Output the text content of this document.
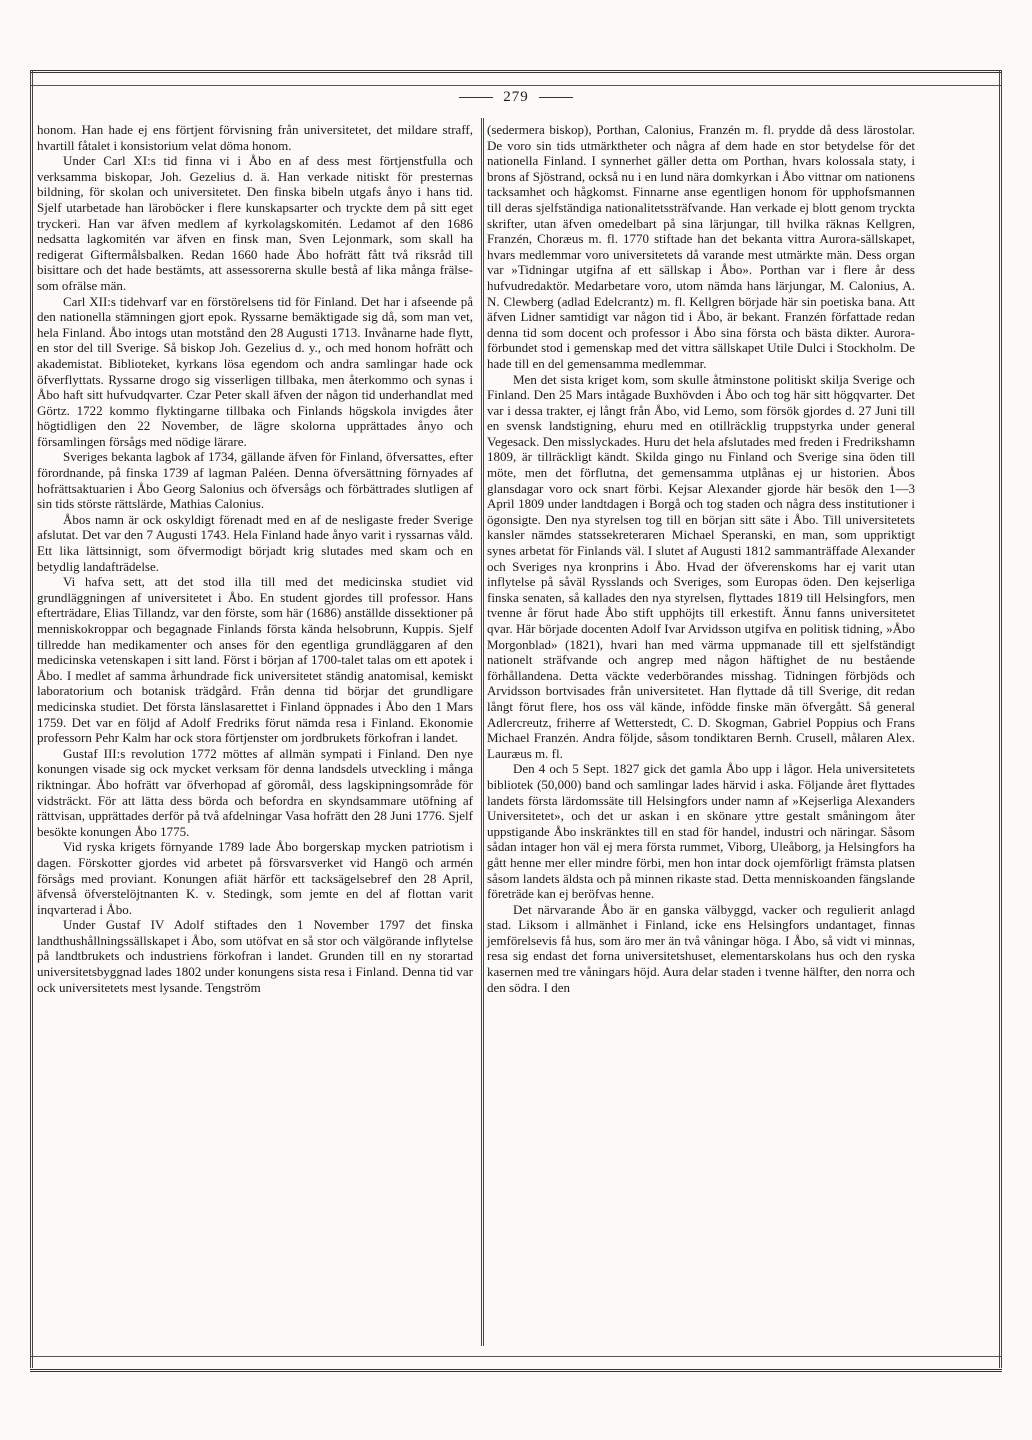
279

honom. Han hade ej ens förtjent förvisning från universitetet, det mildare straff, hvartill fåtalet i konsistorium velat döma honom.

Under Carl XI:s tid finna vi i Åbo en af dess mest förtjenstfulla och verksamma biskopar, Joh. Gezelius d. ä. Han verkade nitiskt för presternas bildning, för skolan och universitetet. Den finska bibeln utgafs ånyo i hans tid. Sjelf utarbetade han läroböcker i flere kunskapsarter och tryckte dem på sitt eget tryckeri. Han var äfven medlem af kyrkolagskomitén. Ledamot af den 1686 nedsatta lagkomitén var äfven en finsk man, Sven Lejonmark, som skall ha redigerat Giftermålsbalken. Redan 1660 hade Åbo hofrätt fått två riksråd till bisittare och det hade bestämts, att assessorerna skulle bestå af lika många frälse- som ofrälse män.

Carl XII:s tidehvarf var en förstörelsens tid för Finland. Det har i afseende på den nationella stämningen gjort epok. Ryssarne bemäktigade sig då, som man vet, hela Finland. Åbo intogs utan motstånd den 28 Augusti 1713. Invånarne hade flytt, en stor del till Sverige. Så biskop Joh. Gezelius d. y., och med honom hofrätt och akademistat. Biblioteket, kyrkans lösa egendom och andra samlingar hade ock öfverflyttats. Ryssarne drogo sig visserligen tillbaka, men återkommo och synas i Åbo haft sitt hufvudqvarter. Czar Peter skall äfven der någon tid underhandlat med Görtz. 1722 kommo flyktingarne tillbaka och Finlands högskola invigdes åter högtidligen den 22 November, de lägre skolorna upprättades ånyo och församlingen försågs med nödige lärare.

Sveriges bekanta lagbok af 1734, gällande äfven för Finland, öfversattes, efter förordnande, på finska 1739 af lagman Paléen. Denna öfversättning förnyades af hofrättsaktuarien i Åbo Georg Salonius och öfversågs och förbättrades slutligen af sin tids störste rättslärde, Mathias Calonius.

Åbos namn är ock oskyldigt förenadt med en af de nesligaste freder Sverige afslutat. Det var den 7 Augusti 1743. Hela Finland hade ånyo varit i ryssarnas våld. Ett lika lättsinnigt, som öfvermodigt börjadt krig slutades med skam och en betydlig landafträdelse.

Vi hafva sett, att det stod illa till med det medicinska studiet vid grundläggningen af universitetet i Åbo. En student gjordes till professor. Hans efterträdare, Elias Tillandz, var den förste, som här (1686) anställde dissektioner på menniskokroppar och begagnade Finlands första kända helsobrunn, Kuppis. Sjelf tillredde han medikamenter och anses för den egentliga grundläggaren af den medicinska vetenskapen i sitt land. Först i början af 1700-talet talas om ett apotek i Åbo. I medlet af samma århundrade fick universitetet ständig anatomisal, kemiskt laboratorium och botanisk trädgård. Från denna tid börjar det grundligare medicinska studiet. Det första länslasarettet i Finland öppnades i Åbo den 1 Mars 1759. Det var en följd af Adolf Fredriks förut nämda resa i Finland. Ekonomie professorn Pehr Kalm har ock stora förtjenster om jordbrukets förkofran i landet.

Gustaf III:s revolution 1772 möttes af allmän sympati i Finland. Den nye konungen visade sig ock mycket verksam för denna landsdels utveckling i många riktningar. Åbo hofrätt var öfverhopad af göromål, dess lagskipningsområde för vidsträckt. För att lätta dess börda och befordra en skyndsammare utöfning af rättvisan, upprättades derför på två afdelningar Vasa hofrätt den 28 Juni 1776. Sjelf besökte konungen Åbo 1775.

Vid ryska krigets förnyande 1789 lade Åbo borgerskap mycken patriotism i dagen. Förskotter gjordes vid arbetet på försvarsverket vid Hangö och armén försågs med proviant. Konungen afiät härför ett tacksägelsebref den 28 April, äfvenså öfverstelöjtnanten K. v. Stedingk, som jemte en del af flottan varit inqvarterad i Åbo.

Under Gustaf IV Adolf stiftades den 1 November 1797 det finska landthushållningssällskapet i Åbo, som utöfvat en så stor och välgörande inflytelse på landtbrukets och industriens förkofran i landet. Grunden till en ny storartad universitetsbyggnad lades 1802 under konungens sista resa i Finland. Denna tid var ock universitetets mest lysande. Tengström

(sedermera biskop), Porthan, Calonius, Franzén m. fl. prydde då dess lärostolar. De voro sin tids utmärktheter och några af dem hade en stor betydelse för det nationella Finland. I synnerhet gäller detta om Porthan, hvars kolossala staty, i brons af Sjöstrand, också nu i en lund nära domkyrkan i Åbo vittnar om nationens tacksamhet och hågkomst. Finnarne anse egentligen honom för upphofsmannen till deras sjelfständiga nationalitetssträfvande. Han verkade ej blott genom tryckta skrifter, utan äfven omedelbart på sina lärjungar, till hvilka räknas Kellgren, Franzén, Choræus m. fl. 1770 stiftade han det bekanta vittra Aurora-sällskapet, hvars medlemmar voro universitetets då varande mest utmärkte män. Dess organ var »Tidningar utgifna af ett sällskap i Åbo». Porthan var i flere år dess hufvudredaktör. Medarbetare voro, utom nämda hans lärjungar, M. Calonius, A. N. Clewberg (adlad Edelcrantz) m. fl. Kellgren började här sin poetiska bana. Att äfven Lidner samtidigt var någon tid i Åbo, är bekant. Franzén författade redan denna tid som docent och professor i Åbo sina första och bästa dikter. Aurora-förbundet stod i gemenskap med det vittra sällskapet Utile Dulci i Stockholm. De hade till en del gemensamma medlemmar.

Men det sista kriget kom, som skulle åtminstone politiskt skilja Sverige och Finland. Den 25 Mars intågade Buxhövden i Åbo och tog här sitt högqvarter. Det var i dessa trakter, ej långt från Åbo, vid Lemo, som försök gjordes d. 27 Juni till en svensk landstigning, ehuru med en otillräcklig truppstyrka under general Vegesack. Den misslyckades. Huru det hela afslutades med freden i Fredrikshamn 1809, är tillräckligt kändt. Skilda gingo nu Finland och Sverige sina öden till möte, men det förflutna, det gemensamma utplånas ej ur historien. Åbos glansdagar voro ock snart förbi. Kejsar Alexander gjorde här besök den 1—3 April 1809 under landtdagen i Borgå och tog staden och några dess institutioner i ögonsigte. Den nya styrelsen tog till en början sitt säte i Åbo. Till universitetets kansler nämdes statssekreteraren Michael Speranski, en man, som uppriktigt synes arbetat för Finlands väl. I slutet af Augusti 1812 sammanträffade Alexander och Sveriges nya kronprins i Åbo. Hvad der öfverenskoms har ej varit utan inflytelse på såväl Rysslands och Sveriges, som Europas öden. Den kejserliga finska senaten, så kallades den nya styrelsen, flyttades 1819 till Helsingfors, men tvenne år förut hade Åbo stift upphöjts till erkestift. Ännu fanns universitetet qvar. Här började docenten Adolf Ivar Arvidsson utgifva en politisk tidning, »Åbo Morgonblad» (1821), hvari han med värma uppmanade till ett sjelfständigt nationelt sträfvande och angrep med någon häftighet de nu bestående förhållandena. Detta väckte vederbörandes misshag. Tidningen förbjöds och Arvidsson bortvisades från universitetet. Han flyttade då till Sverige, dit redan långt förut flere, hos oss väl kände, infödde finske män öfvergått. Så general Adlercreutz, friherre af Wetterstedt, C. D. Skogman, Gabriel Poppius och Frans Michael Franzén. Andra följde, såsom tondiktaren Bernh. Crusell, målaren Alex. Lauræus m. fl.

Den 4 och 5 Sept. 1827 gick det gamla Åbo upp i lågor. Hela universitetets bibliotek (50,000) band och samlingar lades härvid i aska. Följande året flyttades landets första lärdomssäte till Helsingfors under namn af »Kejserliga Alexanders Universitetet», och det ur askan i en skönare yttre gestalt småningom åter uppstigande Åbo inskränktes till en stad för handel, industri och näringar. Såsom sådan intager hon väl ej mera första rummet, Viborg, Uleåborg, ja Helsingfors ha gått henne mer eller mindre förbi, men hon intar dock ojemförligt främsta platsen såsom landets äldsta och på minnen rikaste stad. Detta menniskoanden fängslande företräde kan ej beröfvas henne.

Det närvarande Åbo är en ganska välbyggd, vacker och regulierit anlagd stad. Liksom i allmänhet i Finland, icke ens Helsingfors undantaget, finnas jemförelsevis få hus, som äro mer än två våningar höga. I Åbo, så vidt vi minnas, resa sig endast det forna universitetshuset, elementarskolans hus och den ryska kasernen med tre våningars höjd. Aura delar staden i tvenne hälfter, den norra och den södra. I den
